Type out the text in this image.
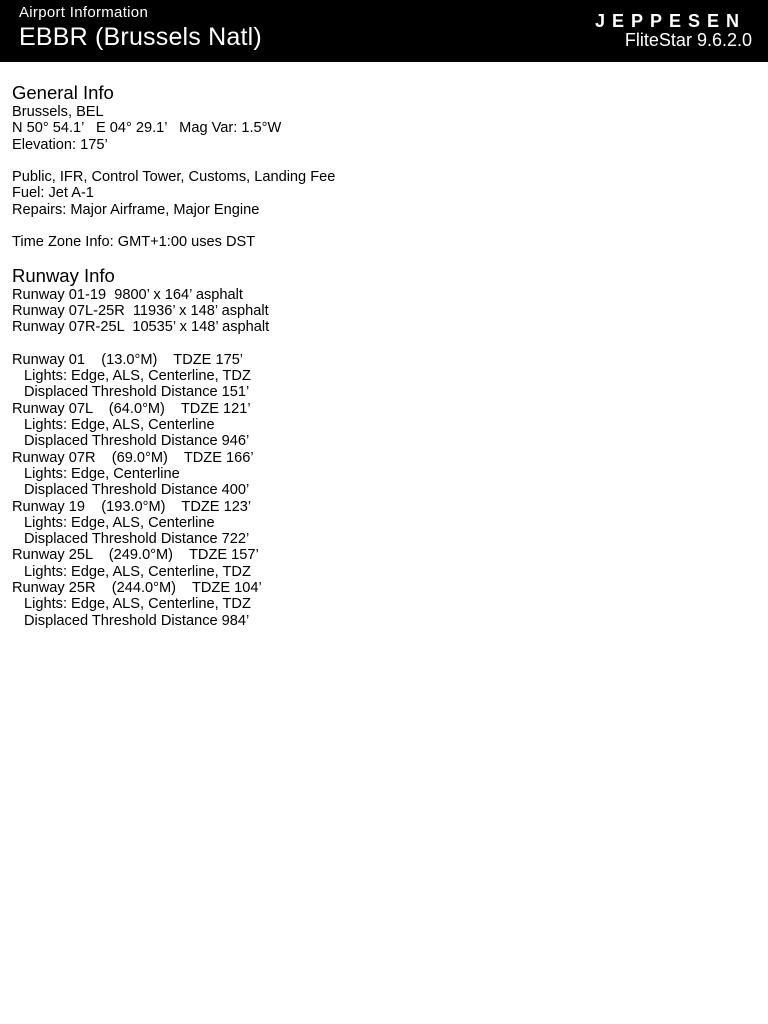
Airport Information
EBBR (Brussels Natl)
JEPPESEN
FliteStar 9.6.2.0
General Info
Brussels, BEL
N 50° 54.1’   E 04° 29.1’   Mag Var: 1.5°W
Elevation: 175’
Public, IFR, Control Tower, Customs, Landing Fee
Fuel: Jet A-1
Repairs: Major Airframe, Major Engine
Time Zone Info: GMT+1:00 uses DST
Runway Info
Runway 01-19  9800’ x 164’ asphalt
Runway 07L-25R  11936’ x 148’ asphalt
Runway 07R-25L  10535’ x 148’ asphalt
Runway 01    (13.0°M)    TDZE 175’
Lights: Edge, ALS, Centerline, TDZ
Displaced Threshold Distance 151’
Runway 07L    (64.0°M)    TDZE 121’
Lights: Edge, ALS, Centerline
Displaced Threshold Distance 946’
Runway 07R    (69.0°M)    TDZE 166’
Lights: Edge, Centerline
Displaced Threshold Distance 400’
Runway 19    (193.0°M)    TDZE 123’
Lights: Edge, ALS, Centerline
Displaced Threshold Distance 722’
Runway 25L    (249.0°M)    TDZE 157’
Lights: Edge, ALS, Centerline, TDZ
Runway 25R    (244.0°M)    TDZE 104’
Lights: Edge, ALS, Centerline, TDZ
Displaced Threshold Distance 984’
